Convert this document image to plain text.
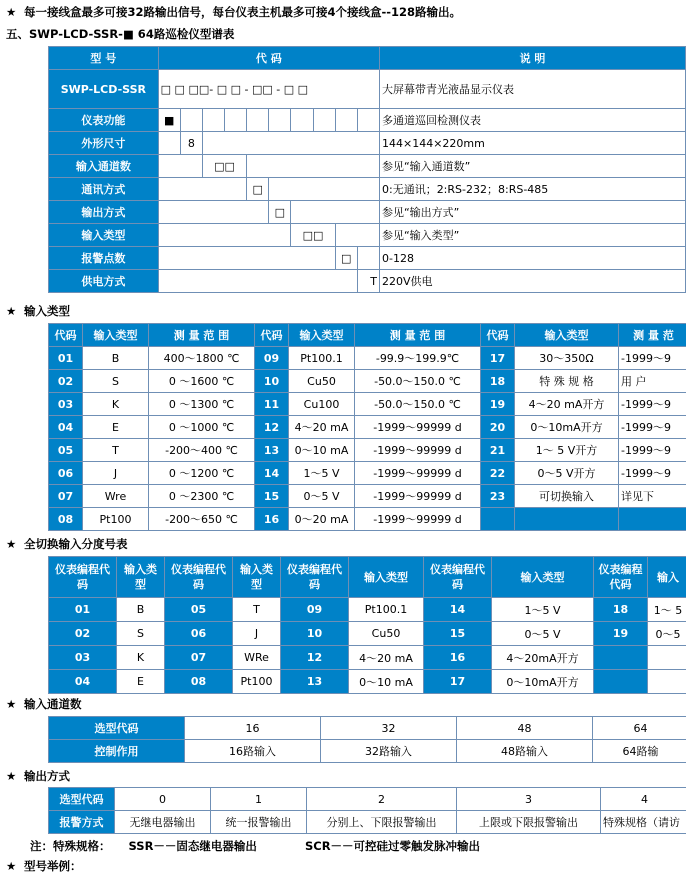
★ 每一接线盒最多可接32路输出信号，每台仪表主机最多可接4个接线盒--128路输出。
五、SWP-LCD-SSR-■ 64路巡检仪型谱表
型 号	代 码										说 明
SWP-LCD-SSR	□ □ □□- □ □ - □□ - □ □										大屏幕带青光液晶显示仪表
仪表功能	■										多通道巡回检测仪表
外形尺寸		8									144×144×220mm
输入通道数			□□								参见“输入通道数”
通讯方式					□						0:无通讯；2:RS-232；8:RS-485
输出方式						□					参见“输出方式”
输入类型							□□				参见“输入类型”
报警点数									□		0-128
供电方式										T	220V供电
★ 输入类型
代码	输入类型	测 量 范 围	代码	输入类型	测 量 范 围	代码	输入类型	测 量 范
01	B	400～1800 ℃	09	Pt100.1	-99.9～199.9℃	17	30～350Ω	-1999～9
02	S	0 ～1600 ℃	10	Cu50	-50.0～150.0 ℃	18	特 殊 规 格	用 户
03	K	0 ～1300 ℃	11	Cu100	-50.0～150.0 ℃	19	4～20 mA开方	-1999～9
04	E	0 ～1000 ℃	12	4～20 mA	-1999～99999 d	20	0～10mA开方	-1999～9
05	T	-200～400 ℃	13	0～10 mA	-1999～99999 d	21	1～ 5 V开方	-1999～9
06	J	0 ～1200 ℃	14	1～5 V	-1999～99999 d	22	0～5 V开方	-1999～9
07	Wre	0 ～2300 ℃	15	0～5 V	-1999～99999 d	23	可切换输入	详见下
08	Pt100	-200～650 ℃	16	0～20 mA	-1999～99999 d			
★ 全切换输入分度号表
仪表编程代码	输入类型	仪表编程代码	输入类型	仪表编程代码	输入类型	仪表编程代码	输入类型	仪表编程代码	输入
01	B	05	T	09	Pt100.1	14	1～5 V	18	1～ 5
02	S	06	J	10	Cu50	15	0～5 V	19	0～5
03	K	07	WRe	12	4～20 mA	16	4～20mA开方		
04	E	08	Pt100	13	0～10 mA	17	0～10mA开方		
★ 输入通道数
选型代码	16	32	48	64
控制作用	16路输入	32路输入	48路输入	64路输
★ 输出方式
选型代码	0	1	2	3	4
报警方式	无继电器输出	统一报警输出	分别上、下限报警输出	上限或下限报警输出	特殊规格（请访
注：特殊规格： SSR－－固态继电器输出	SCR－－可控硅过零触发脉冲输出
★ 型号举例：
